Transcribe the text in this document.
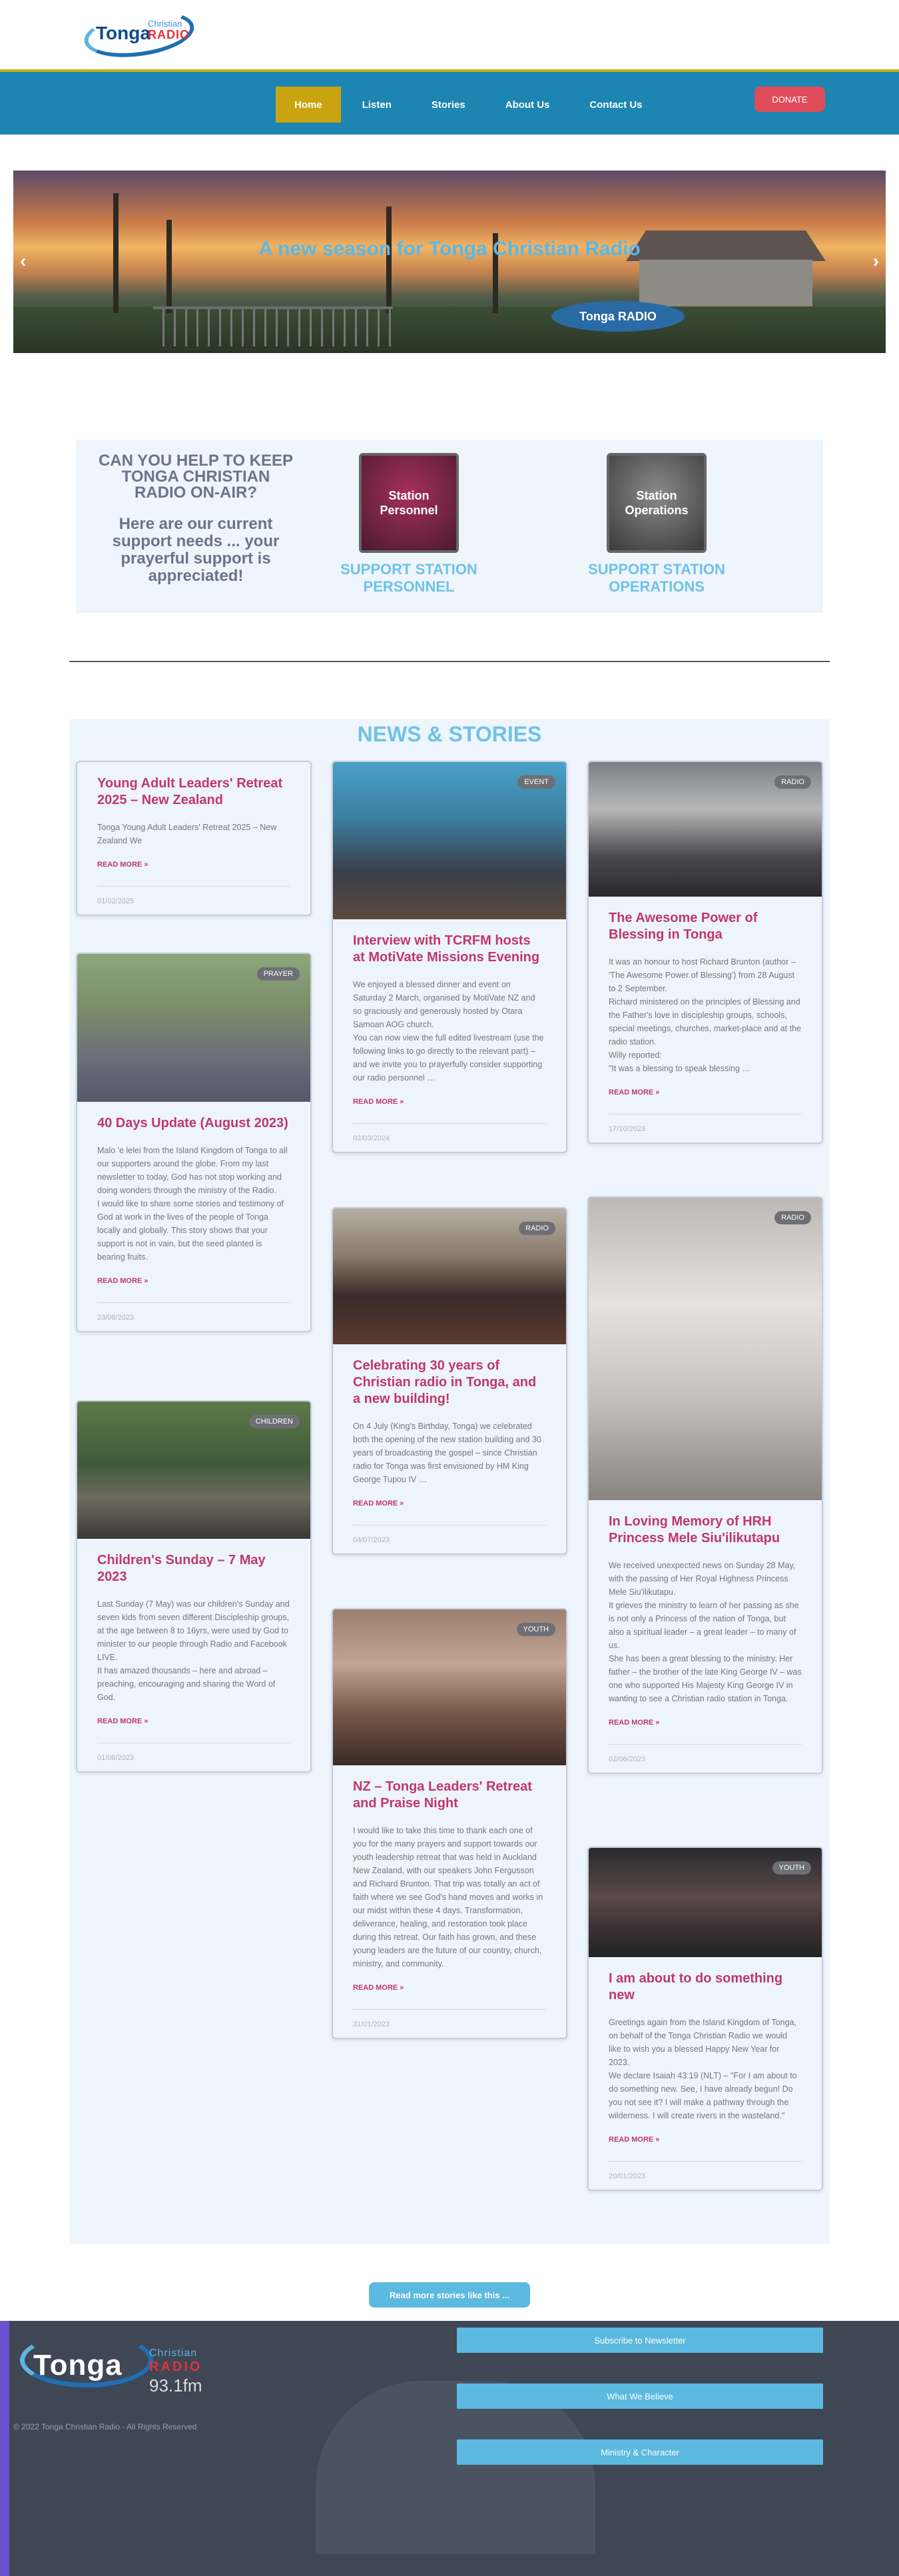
Tonga
Christian
RADIO
Home	Listen	Stories	About Us	Contact Us	DONATE
A new season for Tonga Christian Radio
Tonga RADIO
‹	›
CAN YOU HELP TO KEEP TONGA CHRISTIAN RADIO ON-AIR?
Here are our current support needs ... your prayerful support is appreciated!
Station Personnel
SUPPORT STATION PERSONNEL
Station Operations
SUPPORT STATION OPERATIONS
NEWS & STORIES
Young Adult Leaders' Retreat 2025 – New Zealand
Tonga Young Adult Leaders' Retreat 2025 – New Zealand We
READ MORE »
01/02/2025
PRAYER
40 Days Update (August 2023)
Malo 'e lelei from the Island Kingdom of Tonga to all our supporters around the globe. From my last newsletter to today, God has not stop working and doing wonders through the ministry of the Radio.
I would like to share some stories and testimony of God at work in the lives of the people of Tonga locally and globally. This story shows that your support is not in vain, but the seed planted is bearing fruits.
READ MORE »
23/08/2023
CHILDREN
Children's Sunday – 7 May 2023
Last Sunday (7 May) was our children's Sunday and seven kids from seven different Discipleship groups, at the age between 8 to 16yrs, were used by God to minister to our people through Radio and Facebook LIVE.
It has amazed thousands – here and abroad – preaching, encouraging and sharing the Word of God.
READ MORE »
01/06/2023
EVENT
Interview with TCRFM hosts at MotiVate Missions Evening
We enjoyed a blessed dinner and event on Saturday 2 March, organised by MotiVate NZ and so graciously and generously hosted by Otara Samoan AOG church.
You can now view the full edited livestream (use the following links to go directly to the relevant part) – and we invite you to prayerfully consider supporting our radio personnel …
READ MORE »
02/03/2024
RADIO
Celebrating 30 years of Christian radio in Tonga, and a new building!
On 4 July (King's Birthday, Tonga) we celebrated both the opening of the new station building and 30 years of broadcasting the gospel – since Christian radio for Tonga was first envisioned by HM King George Tupou IV …
READ MORE »
04/07/2023
YOUTH
NZ – Tonga Leaders' Retreat and Praise Night
I would like to take this time to thank each one of you for the many prayers and support towards our youth leadership retreat that was held in Auckland New Zealand, with our speakers John Fergusson and Richard Brunton. That trip was totally an act of faith where we see God's hand moves and works in our midst within these 4 days. Transformation, deliverance, healing, and restoration took place during this retreat. Our faith has grown, and these young leaders are the future of our country, church, ministry, and community.
READ MORE »
31/01/2023
RADIO
The Awesome Power of Blessing in Tonga
It was an honour to host Richard Brunton (author – 'The Awesome Power of Blessing') from 28 August to 2 September.
Richard ministered on the principles of Blessing and the Father's love in discipleship groups, schools, special meetings, churches, market-place and at the radio station.
Willy reported:
"It was a blessing to speak blessing …
READ MORE »
17/10/2023
RADIO
In Loving Memory of HRH Princess Mele Siu'ilikutapu
We received unexpected news on Sunday 28 May, with the passing of Her Royal Highness Princess Mele Siu'ilikutapu.
It grieves the ministry to learn of her passing as she is not only a Princess of the nation of Tonga, but also a spiritual leader – a great leader – to many of us.
She has been a great blessing to the ministry. Her father – the brother of the late King George IV – was one who supported His Majesty King George IV in wanting to see a Christian radio station in Tonga.
READ MORE »
02/06/2023
YOUTH
I am about to do something new
Greetings again from the Island Kingdom of Tonga, on behalf of the Tonga Christian Radio we would like to wish you a blessed Happy New Year for 2023.
We declare Isaiah 43:19 (NLT) – "For I am about to do something new. See, I have already begun! Do you not see it? I will make a pathway through the wilderness. I will create rivers in the wasteland."
READ MORE »
20/01/2023
Read more stories like this ...
Tonga	Christian
RADIO
93.1fm
© 2022 Tonga Christian Radio - All Rights Reserved
Subscribe to Newsletter
What We Believe
Ministry & Character
